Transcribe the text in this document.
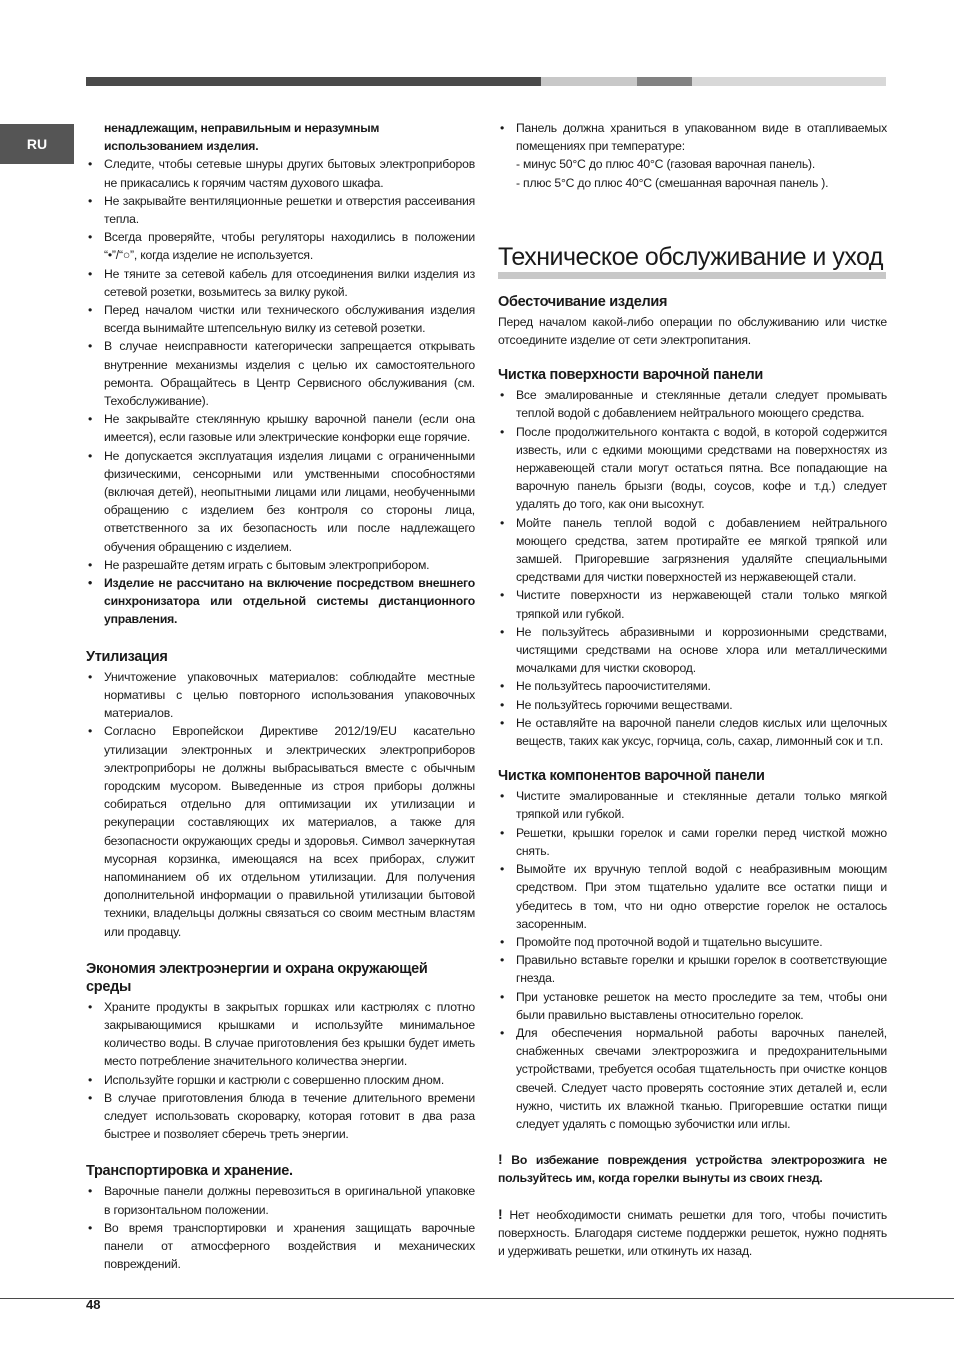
RU
ненадлежащим, неправильным и неразумным использованием изделия.
• Следите, чтобы сетевые шнуры других бытовых электроприборов не прикасались к горячим частям духового шкафа.
• Не закрывайте вентиляционные решетки и отверстия рассеивания тепла.
• Всегда проверяйте, чтобы регуляторы находились в положении “•”/“○”, когда изделие не используется.
• Не тяните за сетевой кабель для отсоединения вилки изделия из сетевой розетки, возьмитесь за вилку рукой.
• Перед началом чистки или технического обслуживания изделия всегда вынимайте штепсельную вилку из сетевой розетки.
• В случае неисправности категорически запрещается открывать внутренние механизмы изделия с целью их самостоятельного ремонта. Обращайтесь в Центр Сервисного обслуживания (см. Техобслуживание).
• Не закрывайте стеклянную крышку варочной панели (если она имеется), если газовые или электрические конфорки еще горячие.
• Не допускается эксплуатация изделия лицами с ограниченными физическими, сенсорными или умственными способностями (включая детей), неопытными лицами или лицами, необученными обращению с изделием без контроля со стороны лица, ответственного за их безопасность или после надлежащего обучения обращению с изделием.
• Не разрешайте детям играть с бытовым электроприбором.
• Изделие не рассчитано на включение посредством внешнего синхронизатора или отдельной системы дистанционного управления.
Утилизация
• Уничтожение упаковочных материалов: соблюдайте местные нормативы с целью повторного использования упаковочных материалов.
• Согласно Европейскои Директиве 2012/19/EU касательно утилизации электронных и электрических электроприборов электроприборы не должны выбрасываться вместе с обычным городским мусором. Выведенные из строя приборы должны собираться отдельно для оптимизации их утилизации и рекуперации составляющих их материалов, а также для безопасности окружающих среды и здоровья. Символ зачеркнутая мусорная корзинка, имеющаяся на всех приборах, служит напоминанием об их отдельном утилизации. Для получения дополнительной информации о правильной утилизации бытовой техники, владельцы должны связаться со своим местным властям или продавцу.
Экономия электроэнергии и охрана окружающей среды
• Храните продукты в закрытых горшках или кастрюлях с плотно закрывающимися крышками и используйте минимальное количество воды. В случае приготовления без крышки будет иметь место потребление значительного количества энергии.
• Используйте горшки и кастрюли с совершенно плоским дном.
• В случае приготовления блюда в течение длительного времени следует использовать скороварку, которая готовит в два раза быстрее и позволяет сберечь треть энергии.
Транспортировка и хранение.
• Варочные панели должны перевозиться в оригинальной упаковке в горизонтальном положении.
• Во время транспортировки и хранения защищать варочные панели от атмосферного воздействия и механических повреждений.
• Панель должна храниться в упакованном виде в отапливаемых помещениях при температуре:
- минус 50°С до плюс 40°С (газовая варочная панель).
- плюс 5°С до плюс 40°С (смешанная варочная панель ).
Техническое обслуживание и уход
Обесточивание изделия

Перед началом какой-либо операции по обслуживанию или чистке отсоедините изделие от сети электропитания.

Чистка поверхности варочной панели
• Все эмалированные и стеклянные детали следует промывать теплой водой с добавлением нейтрального моющего средства.
• После продолжительного контакта с водой, в которой содержится известь, или с едкими моющими средствами на поверхностях из нержавеющей стали могут остаться пятна. Все попадающие на варочную панель брызги (воды, соусов, кофе и т.д.) следует удалять до того, как они высохнут.
• Мойте панель теплой водой с добавлением нейтрального моющего средства, затем протирайте ее мягкой тряпкой или замшей. Пригоревшие загрязнения удаляйте специальными средствами для чистки поверхностей из нержавеющей стали.
• Чистите поверхности из нержавеющей стали только мягкой тряпкой или губкой.
• Не пользуйтесь абразивными и коррозионными средствами, чистящими средствами на основе хлора или металлическими мочалками для чистки сковород.
• Не пользуйтесь пароочистителями.
• Не пользуйтесь горючими веществами.
• Не оставляйте на варочной панели следов кислых или щелочных веществ, таких как уксус, горчица, соль, сахар, лимонный сок и т.п.
Чистка компонентов варочной панели
• Чистите эмалированные и стеклянные детали только мягкой тряпкой или губкой.
• Решетки, крышки горелок и сами горелки перед чисткой можно снять.
• Вымойте их вручную теплой водой с неабразивным моющим средством. При этом тщательно удалите все остатки пищи и убедитесь в том, что ни одно отверстие горелок не осталось засоренным.
• Промойте под проточной водой и тщательно высушите.
• Правильно вставьте горелки и крышки горелок в соответствующие гнезда.
• При установке решеток на место проследите за тем, чтобы они были правильно выставлены относительно горелок.
• Для обеспечения нормальной работы варочных панелей, снабженных свечами электророзжига и предохранительными устройствами, требуется особая тщательность при очистке концов свечей. Следует часто проверять состояние этих деталей и, если нужно, чистить их влажной тканью. Пригоревшие остатки пищи следует удалять с помощью зубочистки или иглы.

! Во избежание повреждения устройства электророзжига не пользуйтесь им, когда горелки вынуты из своих гнезд.

! Нет необходимости снимать решетки для того, чтобы почистить поверхность. Благодаря системе поддержки решеток, нужно поднять и удерживать решетки, или откинуть их назад.

48
